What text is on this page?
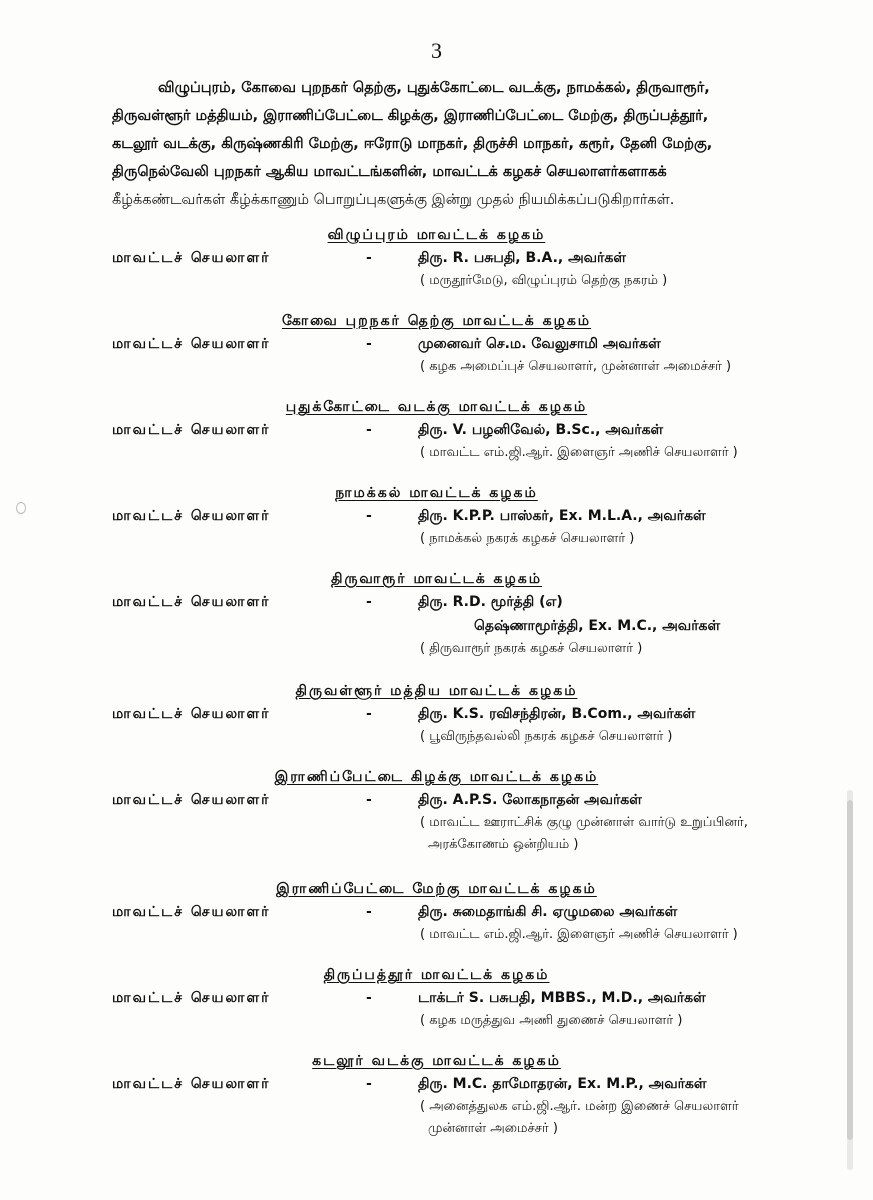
3
விழுப்புரம், கோவை புறநகர் தெற்கு, புதுக்கோட்டை வடக்கு, நாமக்கல், திருவாரூர்,
திருவள்ளூர் மத்தியம், இராணிப்பேட்டை கிழக்கு, இராணிப்பேட்டை மேற்கு, திருப்பத்தூர்,
கடலூர் வடக்கு, கிருஷ்ணகிரி மேற்கு, ஈரோடு மாநகர், திருச்சி மாநகர், கரூர், தேனி மேற்கு,
திருநெல்வேலி புறநகர் ஆகிய மாவட்டங்களின், மாவட்டக் கழகச் செயலாளர்களாகக்
கீழ்க்கண்டவர்கள் கீழ்க்காணும் பொறுப்புகளுக்கு இன்று முதல் நியமிக்கப்படுகிறார்கள்.
விழுப்புரம் மாவட்டக் கழகம்
மாவட்டச் செயலாளர்	-	திரு. R. பசுபதி, B.A., அவர்கள்
( மருதூர்மேடு, விழுப்புரம் தெற்கு நகரம் )
கோவை புறநகர் தெற்கு மாவட்டக் கழகம்
மாவட்டச் செயலாளர்	-	முனைவர் செ.ம. வேலுசாமி அவர்கள்
( கழக அமைப்புச் செயலாளர், முன்னாள் அமைச்சர் )
புதுக்கோட்டை வடக்கு மாவட்டக் கழகம்
மாவட்டச் செயலாளர்	-	திரு. V. பழனிவேல், B.Sc., அவர்கள்
( மாவட்ட எம்.ஜி.ஆர். இளைஞர் அணிச் செயலாளர் )
நாமக்கல் மாவட்டக் கழகம்
மாவட்டச் செயலாளர்	-	திரு. K.P.P. பாஸ்கர், Ex. M.L.A., அவர்கள்
( நாமக்கல் நகரக் கழகச் செயலாளர் )
திருவாரூர் மாவட்டக் கழகம்
மாவட்டச் செயலாளர்	-	திரு. R.D. மூர்த்தி (எ)
தெஷ்ணாமூர்த்தி, Ex. M.C., அவர்கள்
( திருவாரூர் நகரக் கழகச் செயலாளர் )
திருவள்ளூர் மத்திய மாவட்டக் கழகம்
மாவட்டச் செயலாளர்	-	திரு. K.S. ரவிசந்திரன், B.Com., அவர்கள்
( பூவிருந்தவல்லி நகரக் கழகச் செயலாளர் )
இராணிப்பேட்டை கிழக்கு மாவட்டக் கழகம்
மாவட்டச் செயலாளர்	-	திரு. A.P.S. லோகநாதன் அவர்கள்
( மாவட்ட ஊராட்சிக் குழு முன்னாள் வார்டு உறுப்பினர்,
அரக்கோணம் ஒன்றியம் )
இராணிப்பேட்டை மேற்கு மாவட்டக் கழகம்
மாவட்டச் செயலாளர்	-	திரு. சுமைதாங்கி சி. ஏழுமலை அவர்கள்
( மாவட்ட எம்.ஜி.ஆர். இளைஞர் அணிச் செயலாளர் )
திருப்பத்தூர் மாவட்டக் கழகம்
மாவட்டச் செயலாளர்	-	டாக்டர் S. பசுபதி, MBBS., M.D., அவர்கள்
( கழக மருத்துவ அணி துணைச் செயலாளர் )
கடலூர் வடக்கு மாவட்டக் கழகம்
மாவட்டச் செயலாளர்	-	திரு. M.C. தாமோதரன், Ex. M.P., அவர்கள்
( அனைத்துலக எம்.ஜி.ஆர். மன்ற இணைச் செயலாளர்
முன்னாள் அமைச்சர் )
